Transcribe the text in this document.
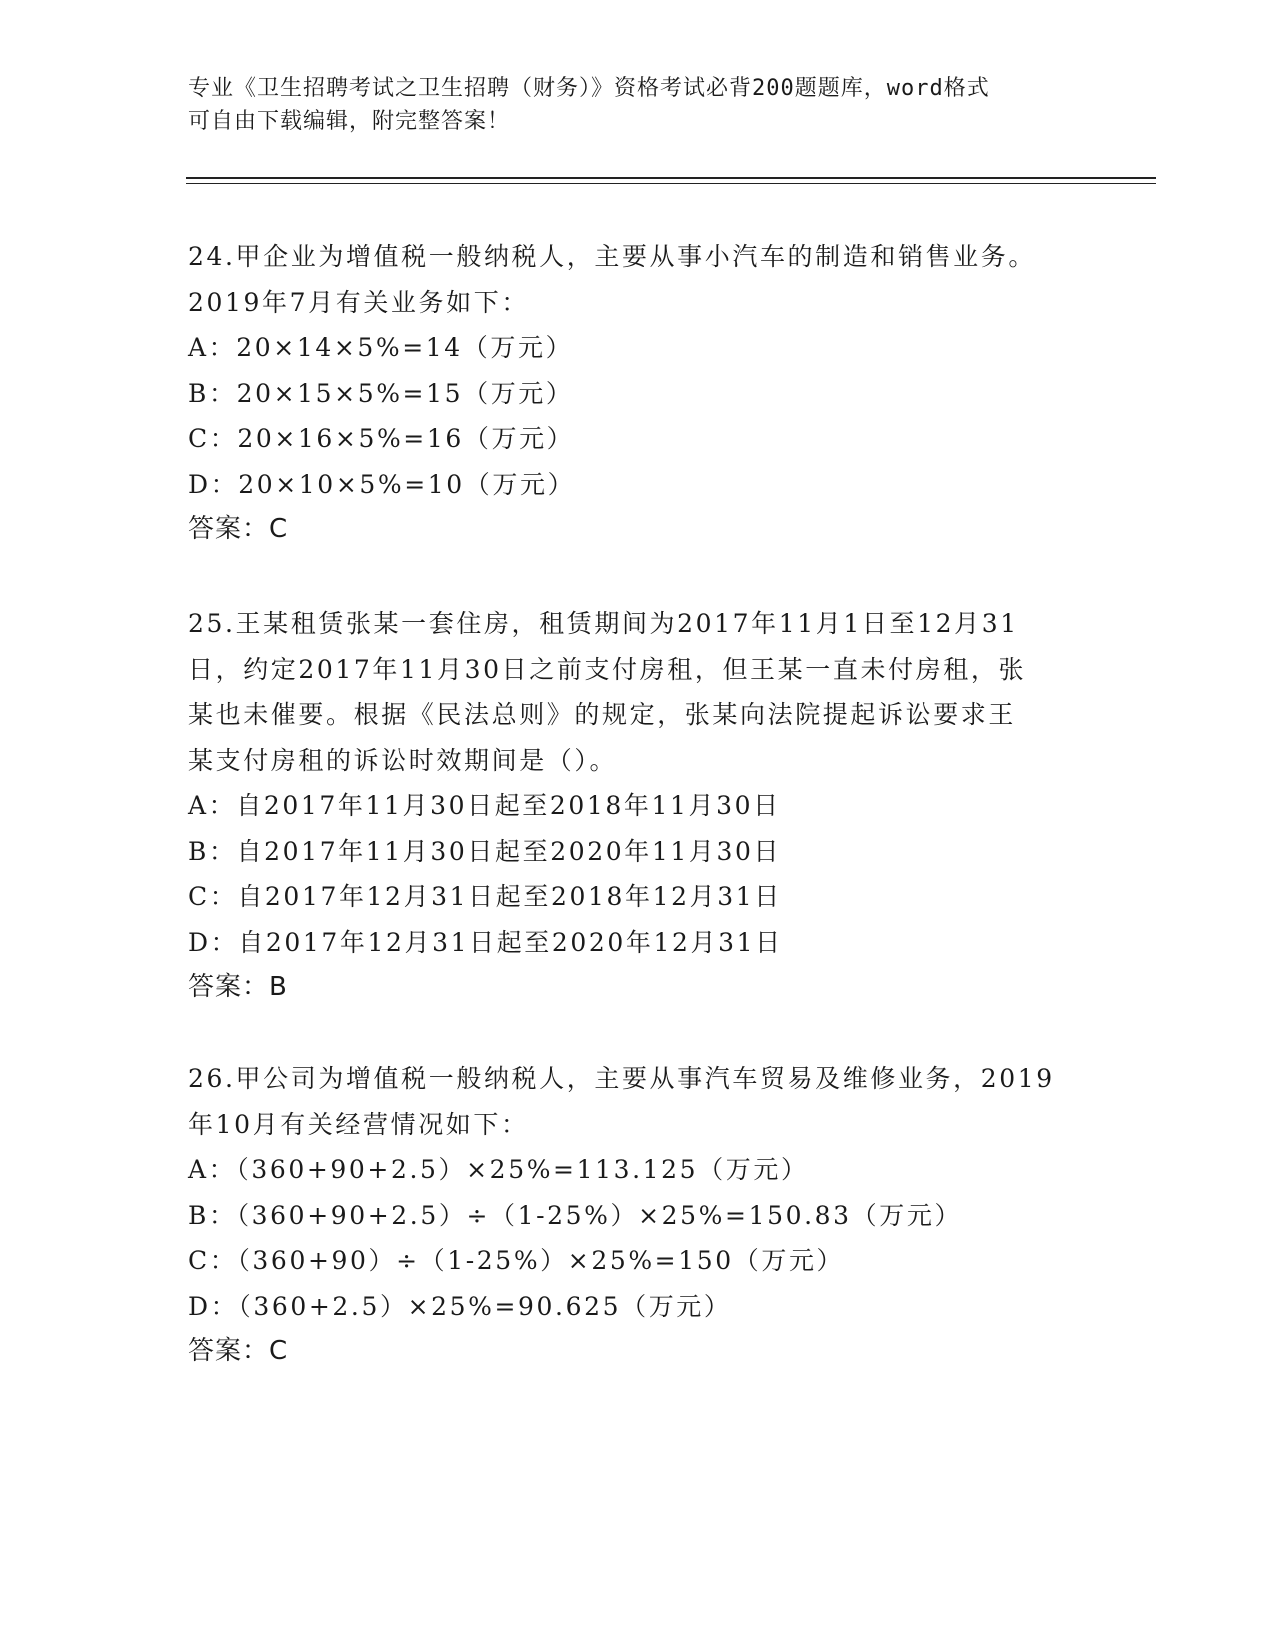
专业《卫生招聘考试之卫生招聘（财务）》资格考试必背200题题库，word格式
可自由下载编辑，附完整答案！
24.甲企业为增值税一般纳税人，主要从事小汽车的制造和销售业务。
2019年7月有关业务如下：
A：20×14×5%=14（万元）
B：20×15×5%=15（万元）
C：20×16×5%=16（万元）
D：20×10×5%=10（万元）
答案：C
25.王某租赁张某一套住房，租赁期间为2017年11月1日至12月31
日，约定2017年11月30日之前支付房租，但王某一直未付房租，张
某也未催要。根据《民法总则》的规定，张某向法院提起诉讼要求王
某支付房租的诉讼时效期间是（）。
A：自2017年11月30日起至2018年11月30日
B：自2017年11月30日起至2020年11月30日
C：自2017年12月31日起至2018年12月31日
D：自2017年12月31日起至2020年12月31日
答案：B
26.甲公司为增值税一般纳税人，主要从事汽车贸易及维修业务，2019
年10月有关经营情况如下：
A：（360+90+2.5）×25%=113.125（万元）
B：（360+90+2.5）÷（1-25%）×25%=150.83（万元）
C：（360+90）÷（1-25%）×25%=150（万元）
D：（360+2.5）×25%=90.625（万元）
答案：C
